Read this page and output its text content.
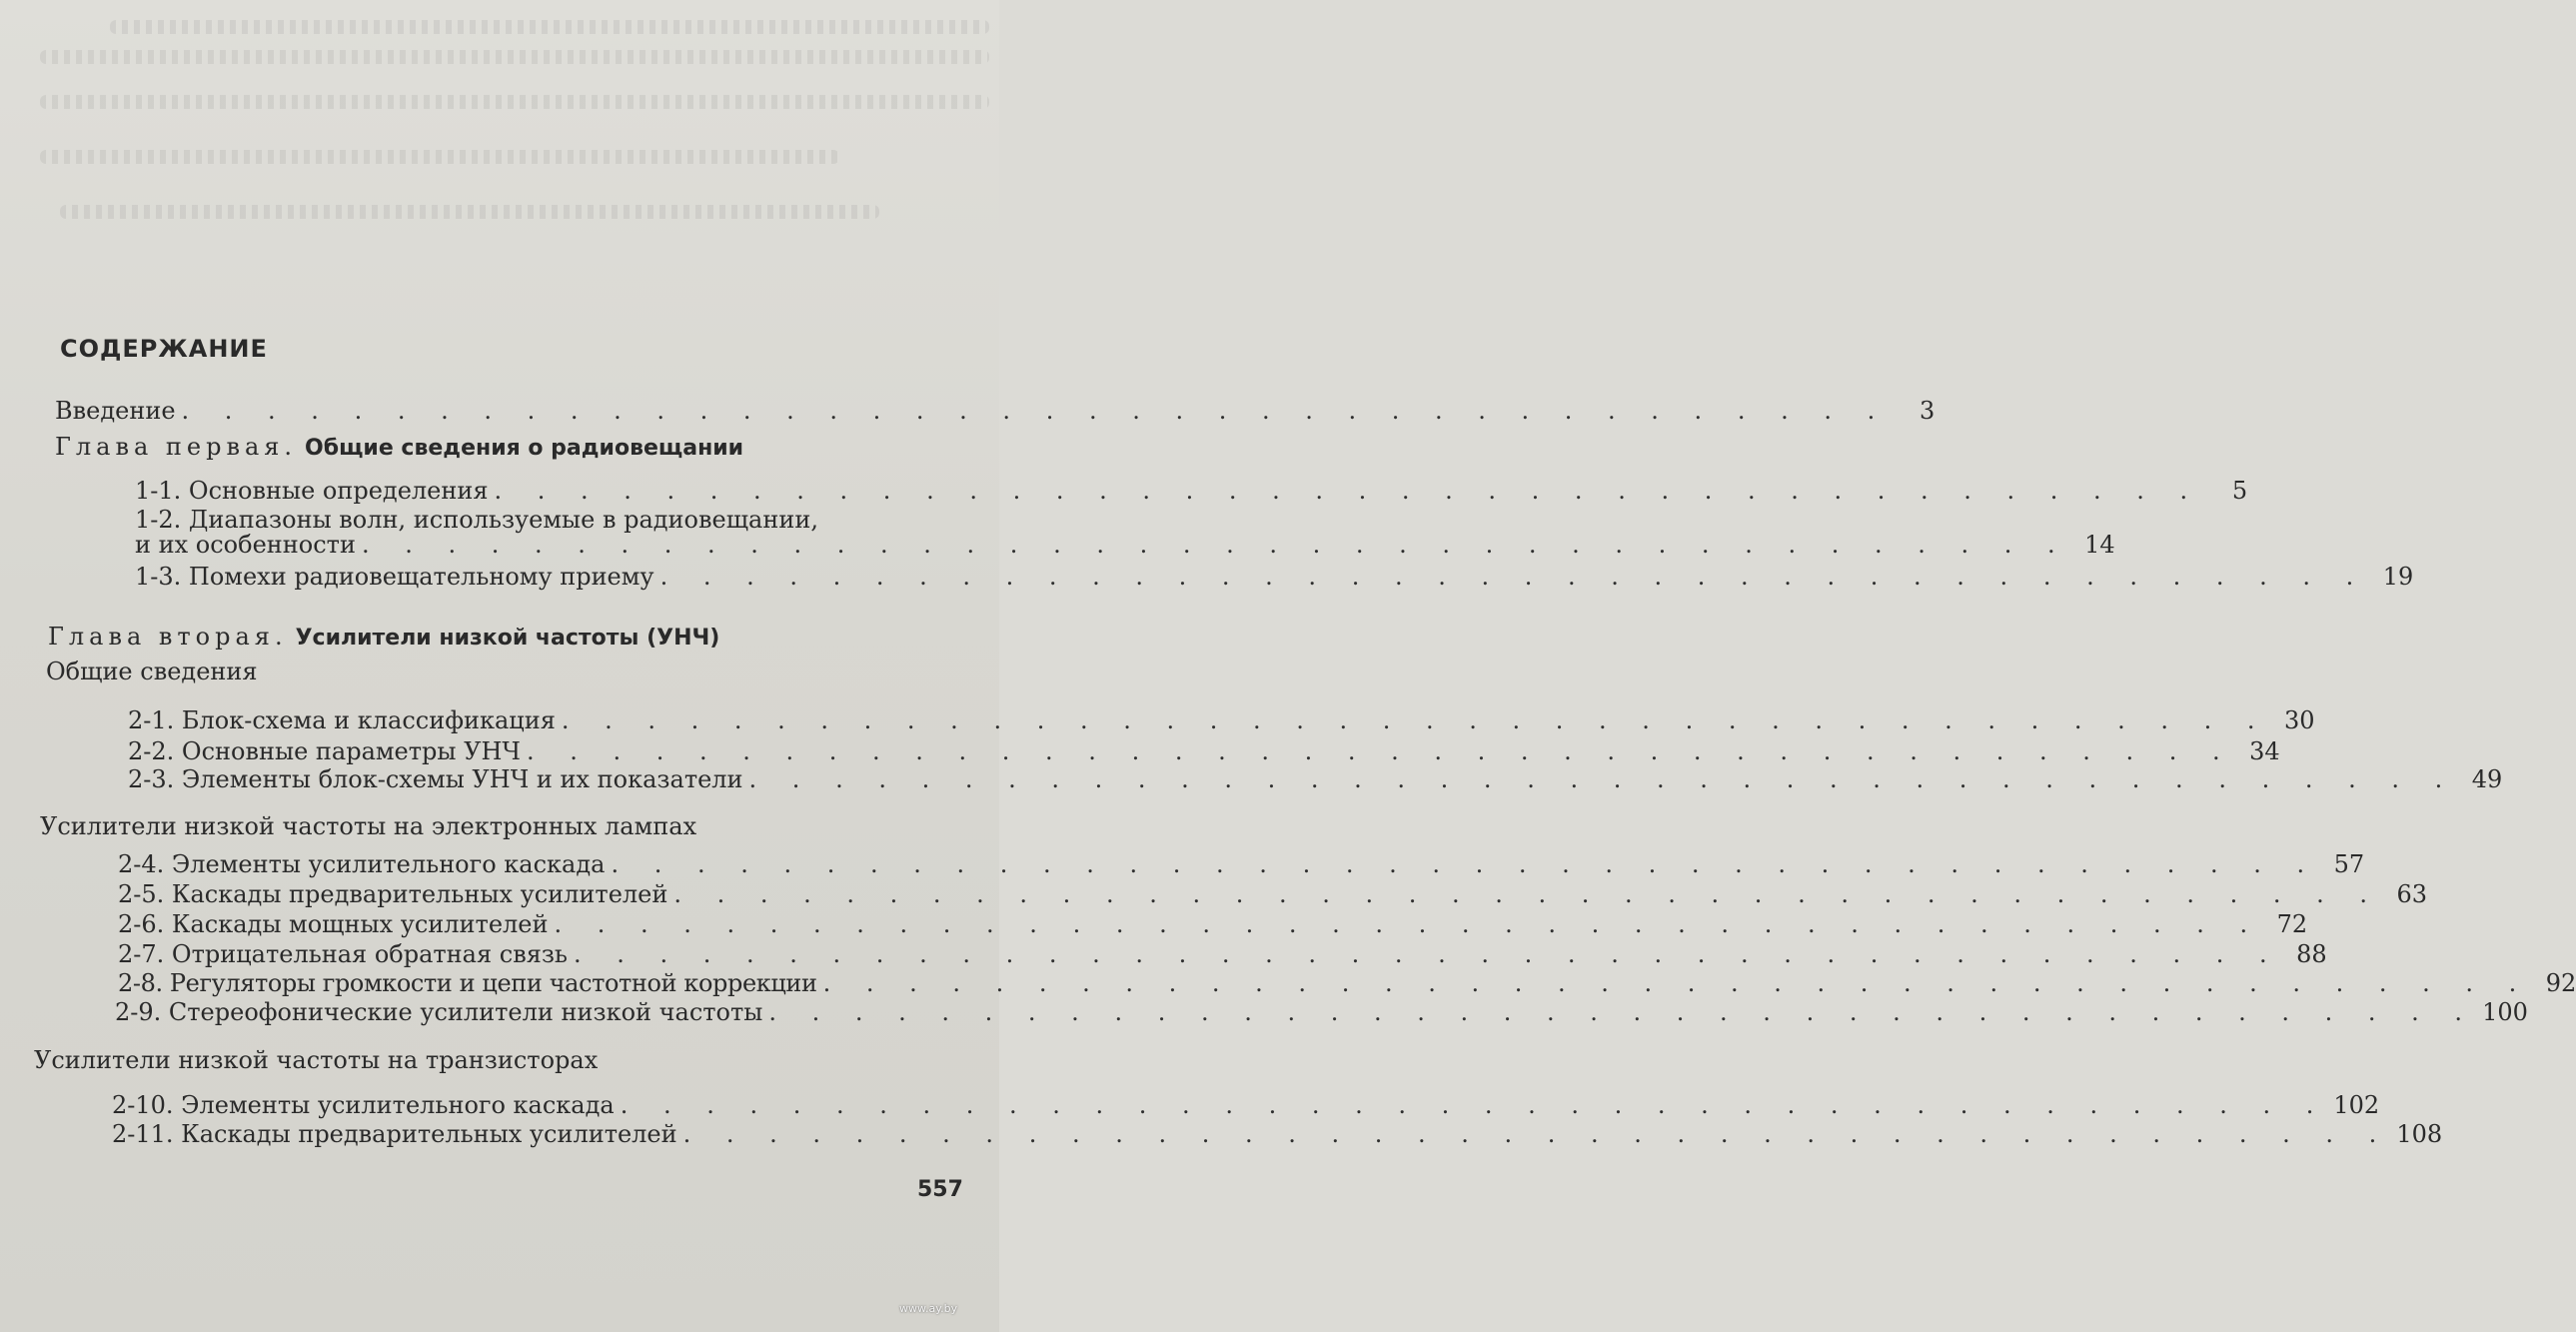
СОДЕРЖАНИЕ
Введение . . . . . . . . . . . . . . . . . . . . . . . . . . . . . . . . . . . . . . . .	3
Глава первая. Общие сведения о радиовещании
1-1. Основные определения . . . . . . . . . . . . . . . . . . . . . . . . . . . . . . . . . . . . . . . .	5
1-2. Диапазоны волн, используемые в радиовещании,
и их особенности . . . . . . . . . . . . . . . . . . . . . . . . . . . . . . . . . . . . . . . . 14
1-3. Помехи радиовещательному приему . . . . . . . . . . . . . . . . . . . . . . . . . . . . . . . . . . . . . . . . 19
Глава вторая. Усилители низкой частоты (УНЧ)
Общие сведения
2-1. Блок-схема и классификация . . . . . . . . . . . . . . . . . . . . . . . . . . . . . . . . . . . . . . . . 30
2-2. Основные параметры УНЧ . . . . . . . . . . . . . . . . . . . . . . . . . . . . . . . . . . . . . . . . 34
2-3. Элементы блок-схемы УНЧ и их показатели . . . . . . . . . . . . . . . . . . . . . . . . . . . . . . . . . . . . . . . . 49
Усилители низкой частоты на электронных лампах
2-4. Элементы усилительного каскада . . . . . . . . . . . . . . . . . . . . . . . . . . . . . . . . . . . . . . . . 57
2-5. Каскады предварительных усилителей . . . . . . . . . . . . . . . . . . . . . . . . . . . . . . . . . . . . . . . . 63
2-6. Каскады мощных усилителей . . . . . . . . . . . . . . . . . . . . . . . . . . . . . . . . . . . . . . . . 72
2-7. Отрицательная обратная связь . . . . . . . . . . . . . . . . . . . . . . . . . . . . . . . . . . . . . . . . 88
2-8. Регуляторы громкости и цепи частотной коррекции . . . . . . . . . . . . . . . . . . . . . . . . . . . . . . . . . . . . . . . . 92
2-9. Стереофонические усилители низкой частоты . . . . . . . . . . . . . . . . . . . . . . . . . . . . . . . . . . . . . . . . 100
Усилители низкой частоты на транзисторах
2-10. Элементы усилительного каскада . . . . . . . . . . . . . . . . . . . . . . . . . . . . . . . . . . . . . . . . 102
2-11. Каскады предварительных усилителей . . . . . . . . . . . . . . . . . . . . . . . . . . . . . . . . . . . . . . . . 108
557
www.ay.by
